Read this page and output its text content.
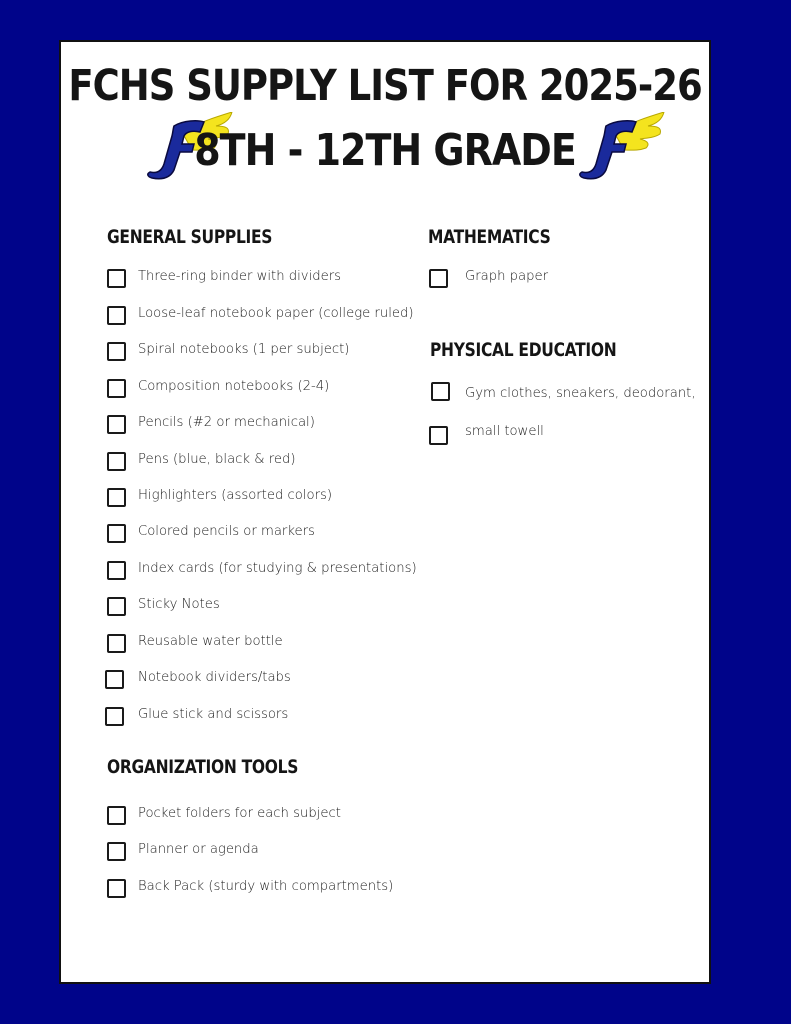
FCHS SUPPLY LIST FOR 2025-26
8TH - 12TH GRADE
GENERAL SUPPLIES
Three-ring binder with dividers
Loose-leaf notebook paper (college ruled)
Spiral notebooks (1 per subject)
Composition notebooks (2-4)
Pencils (#2 or mechanical)
Pens (blue, black & red)
Highlighters (assorted colors)
Colored pencils or markers
Index cards (for studying & presentations)
Sticky Notes
Reusable water bottle
Notebook dividers/tabs
Glue stick and scissors
ORGANIZATION TOOLS
Pocket folders for each subject
Planner or agenda
Back Pack (sturdy with compartments)
MATHEMATICS
Graph paper
PHYSICAL EDUCATION
Gym clothes, sneakers, deodorant,
small towell
